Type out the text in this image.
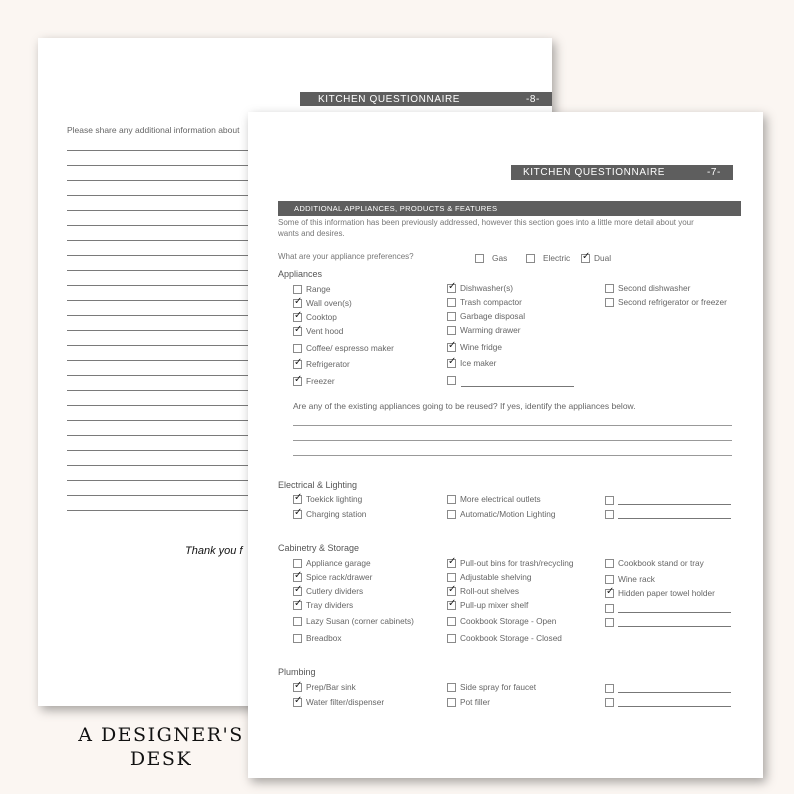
KITCHEN QUESTIONNAIRE	-8-
Please share any additional information about
Thank you f
A DESIGNER'S
DESK
KITCHEN QUESTIONNAIRE	-7-
ADDITIONAL APPLIANCES, PRODUCTS & FEATURES
Some of this information has been previously addressed, however this section goes into a little more detail about your
wants and desires.
What are your appliance preferences?	Gas	Electric
✓	Dual
Appliances
Range
✓
Wall oven(s)
✓
Cooktop
✓
Vent hood
Coffee/ espresso maker
✓
Refrigerator
✓
Freezer
✓
Dishwasher(s)
Trash compactor
Garbage disposal
Warming drawer
✓
Wine fridge
✓
Ice maker
Second dishwasher
Second refrigerator or freezer
Are any of the existing appliances going to be reused? If yes, identify the appliances below.
Electrical & Lighting
✓
Toekick lighting
✓
Charging station
More electrical outlets
Automatic/Motion Lighting
Cabinetry & Storage
Appliance garage
✓
Spice rack/drawer
✓
Cutlery dividers
✓
Tray dividers
Lazy Susan (corner cabinets)
Breadbox
✓
Pull-out bins for trash/recycling
Adjustable shelving
✓
Roll-out shelves
✓
Pull-up mixer shelf
Cookbook Storage - Open
Cookbook Storage - Closed
Cookbook stand or tray
Wine rack
✓
Hidden paper towel holder
Plumbing
✓
Prep/Bar sink
✓
Water filter/dispenser
Side spray for faucet
Pot filler
